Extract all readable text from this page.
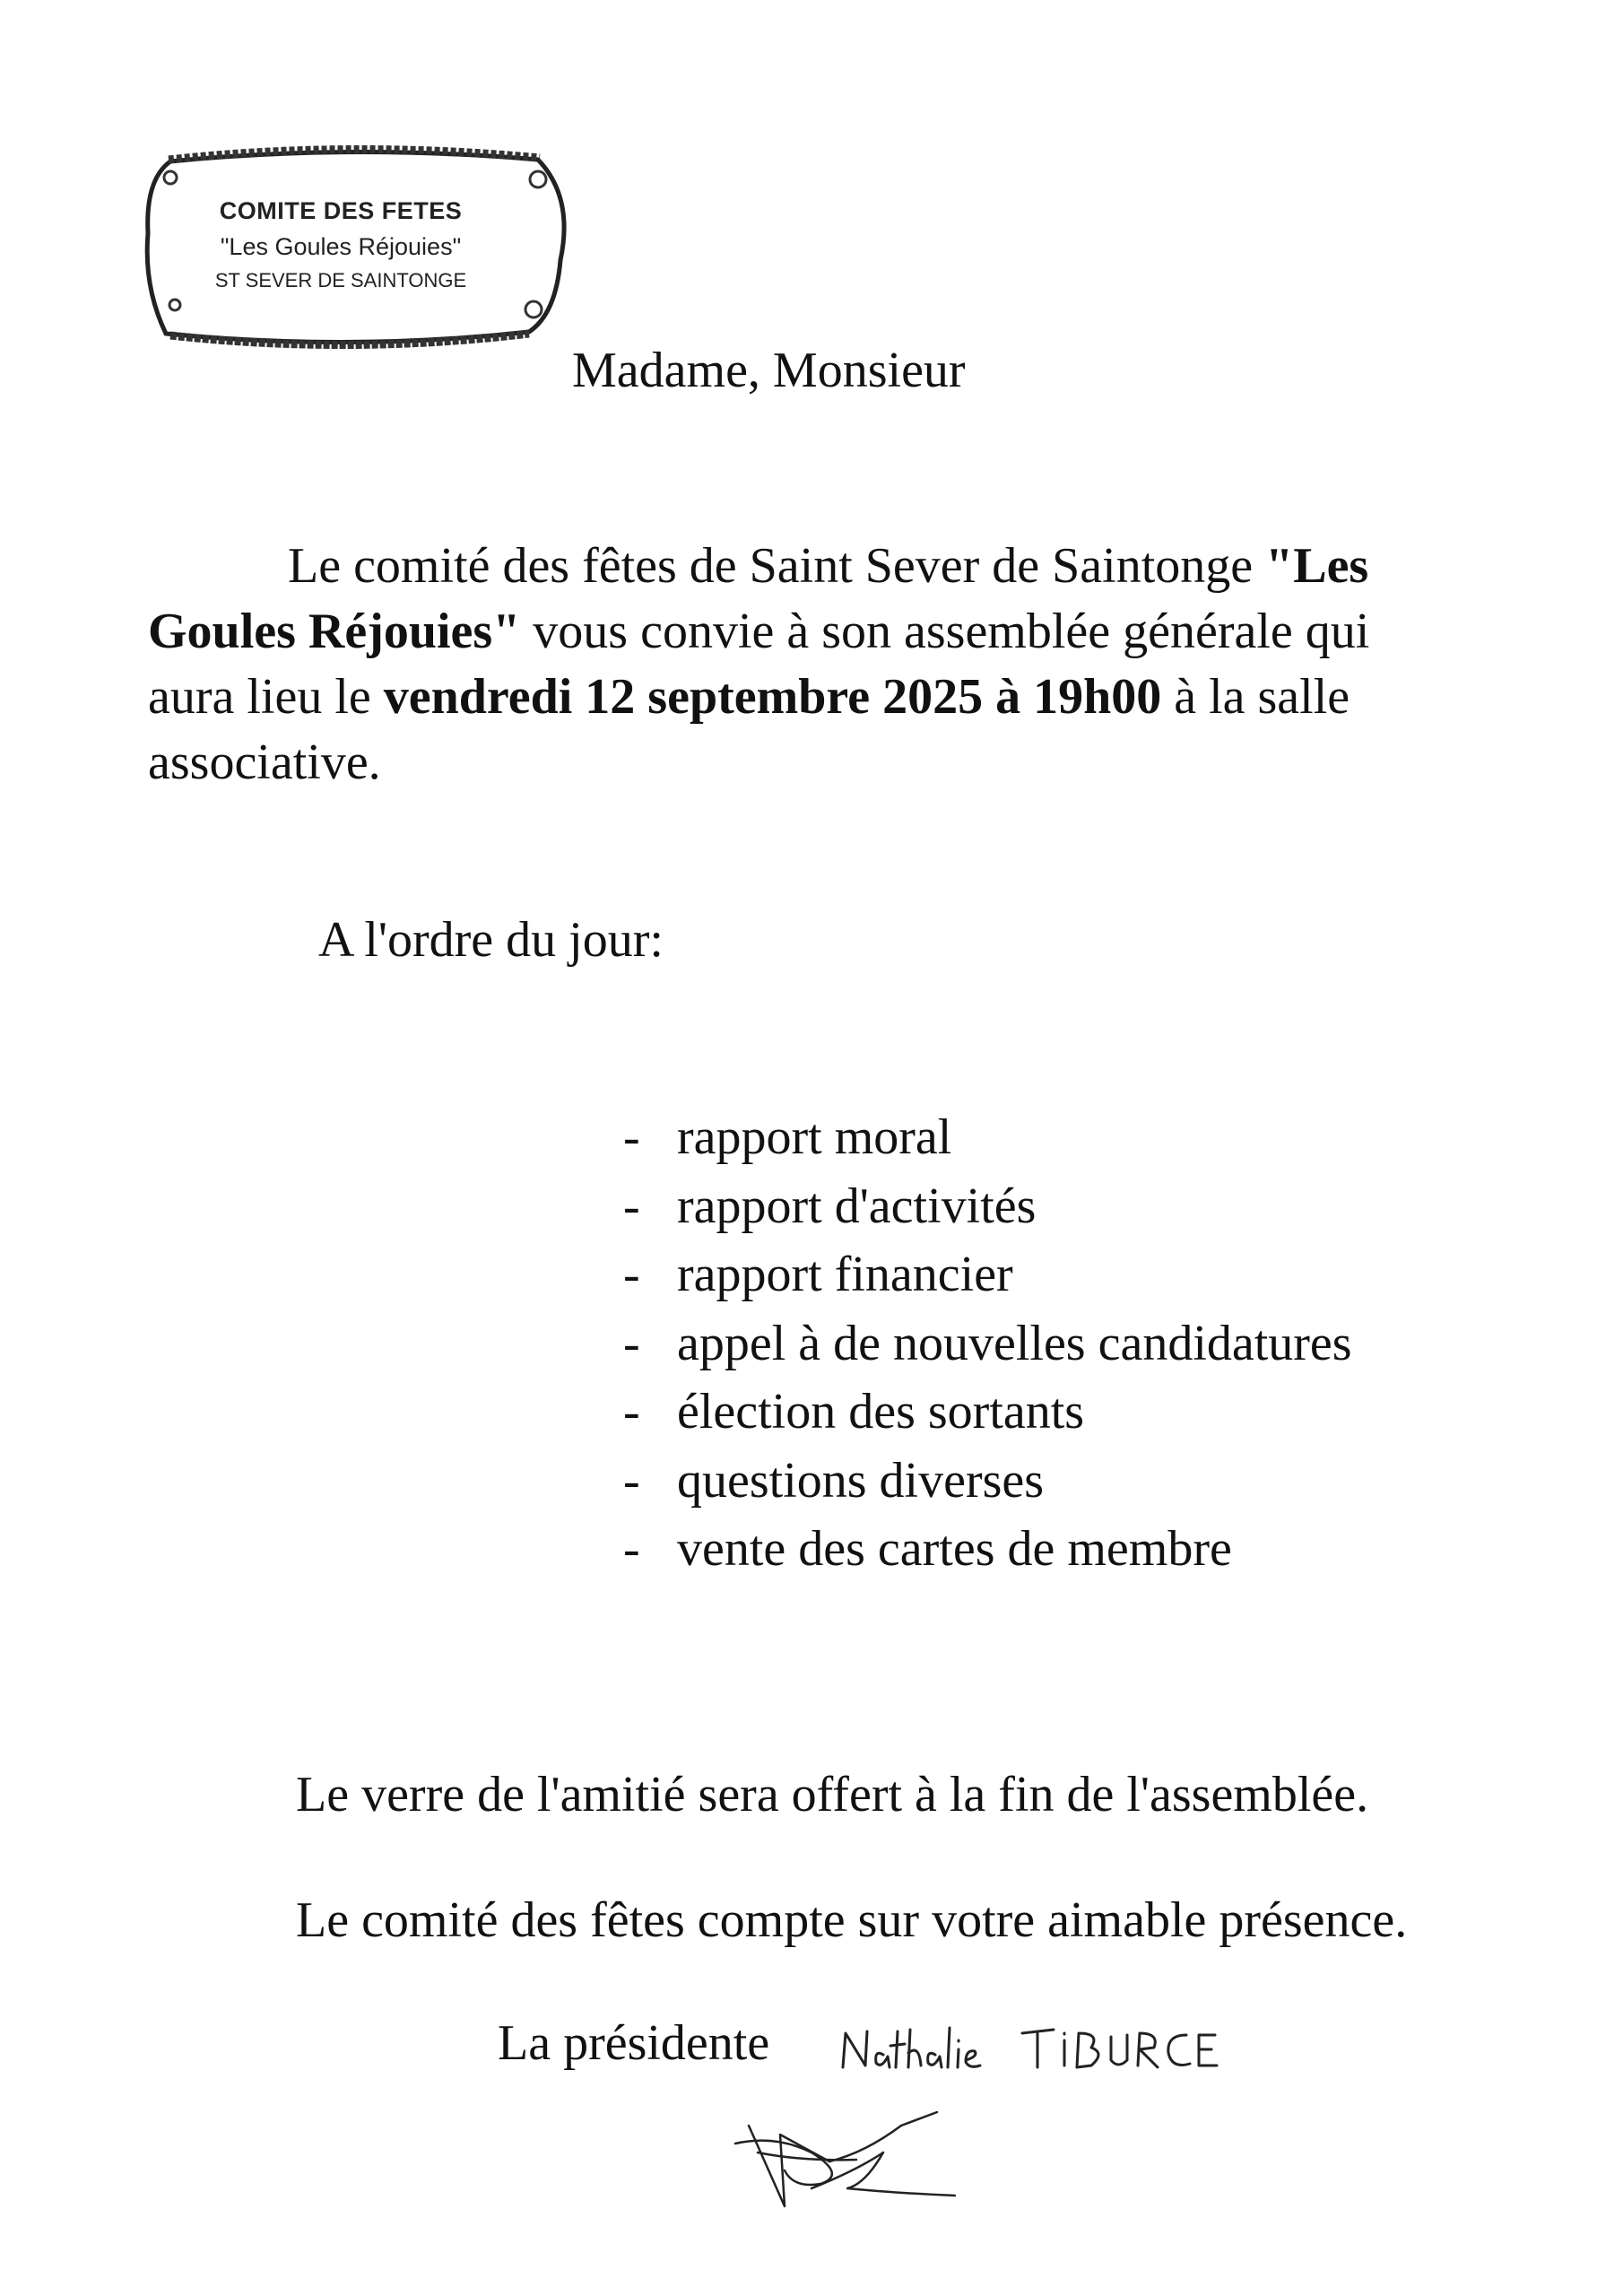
COMITE DES FETES
"Les Goules Réjouies"
ST SEVER DE SAINTONGE
Madame, Monsieur
Le comité des fêtes de Saint Sever de Saintonge "Les Goules Réjouies" vous convie à son assemblée générale qui aura lieu le vendredi 12 septembre 2025 à 19h00 à la salle associative.
A l'ordre du jour:
- rapport moral
- rapport d'activités
- rapport financier
- appel à de nouvelles candidatures
- élection des sortants
- questions diverses
- vente des cartes de membre
Le verre de l'amitié sera offert à la fin de l'assemblée.
Le comité des fêtes compte sur votre aimable présence.
La présidente
